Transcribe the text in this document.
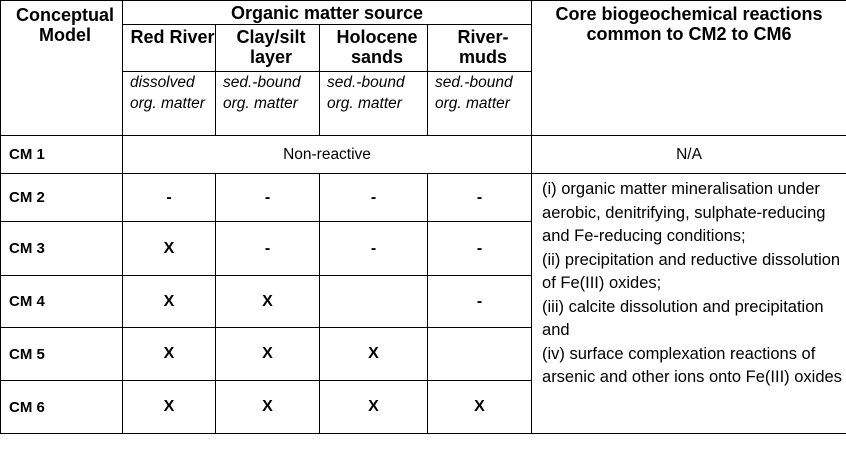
Conceptual Model	Organic matter source				Core biogeochemical reactions common to CM2 to CM6
	Red River	Clay/silt layer	Holocene sands	River-muds	
	dissolved org. matter	sed.-bound org. matter	sed.-bound org. matter	sed.-bound org. matter	
CM 1	Non-reactive				N/A
CM 2	-	-	-	-	(i) organic matter mineralisation under aerobic, denitrifying, sulphate-reducing and Fe-reducing conditions;
(ii) precipitation and reductive dissolution of Fe(III) oxides;
(iii) calcite dissolution and precipitation and
(iv) surface complexation reactions of arsenic and other ions onto Fe(III) oxides

CM 3	X	-	-	-	
CM 4	X	X		-	
CM 5	X	X	X		
CM 6	X	X	X	X	
